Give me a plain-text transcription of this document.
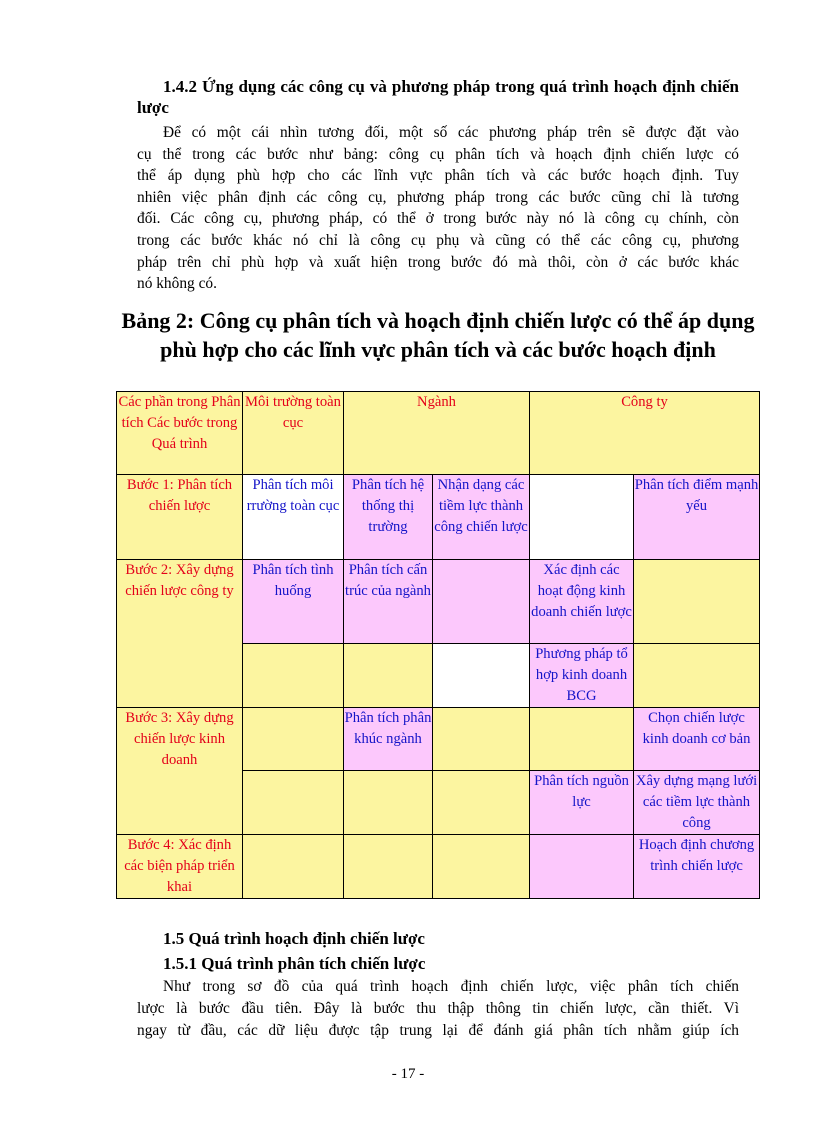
1.4.2 Ứng dụng các công cụ và phương pháp trong quá trình hoạch định chiến lược
Để có một cái nhìn tương đối, một số các phương pháp trên sẽ được đặt vào
cụ thể trong các bước như bảng: công cụ phân tích và hoạch định chiến lược có
thể áp dụng phù hợp cho các lĩnh vực phân tích và các bước hoạch định. Tuy
nhiên việc phân định các công cụ, phương pháp trong các bước cũng chỉ là tương
đối. Các công cụ, phương pháp, có thể ở trong bước này nó là công cụ chính, còn
trong các bước khác nó chỉ là công cụ phụ và cũng có thể các công cụ, phương
pháp trên chỉ phù hợp và xuất hiện trong bước đó mà thôi, còn ở các bước khác
nó không có.
Bảng 2: Công cụ phân tích và hoạch định chiến lược có thể áp dụng phù hợp cho các lĩnh vực phân tích và các bước hoạch định
Các phần trong Phân tích Các bước trong Quá trình	Môi trường toàn cục	Ngành		Công ty	
Bước 1: Phân tích chiến lược	Phân tích môi rrường toàn cục	Phân tích hệ thống thị trường	Nhận dạng các tiềm lực thành công chiến lược		Phân tích điểm mạnh yếu
Bước 2: Xây dựng chiến lược công ty	Phân tích tình huống	Phân tích cấn trúc của ngành		Xác định các hoạt động kinh doanh chiến lược	
				Phương pháp tổ hợp kinh doanh BCG	
Bước 3: Xây dựng chiến lược kinh doanh		Phân tích phân khúc ngành			Chọn chiến lược kinh doanh cơ bản
				Phân tích nguồn lực	Xây dựng mạng lưới các tiềm lực thành công
Bước 4: Xác định các biện pháp triển khai					Hoạch định chương trình chiến lược
1.5 Quá trình hoạch định chiến lược
1.5.1 Quá trình phân tích chiến lược
Như trong sơ đồ của quá trình hoạch định chiến lược, việc phân tích chiến
lược là bước đầu tiên. Đây là bước thu thập thông tin chiến lược, cần thiết. Vì
ngay từ đầu, các dữ liệu được tập trung lại để đánh giá phân tích nhằm giúp ích
- 17 -
